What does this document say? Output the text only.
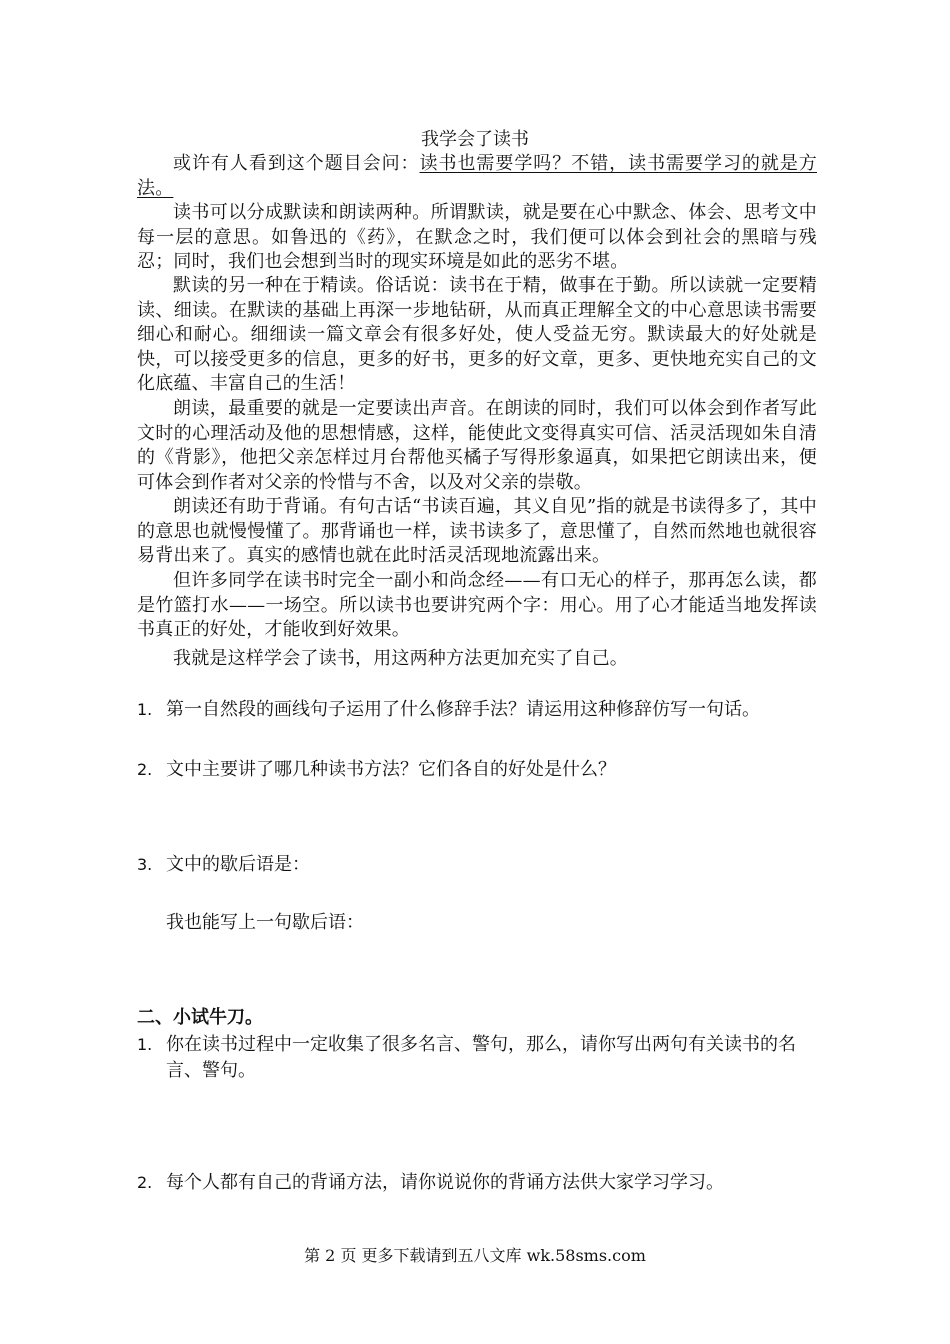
我学会了读书

或许有人看到这个题目会问：读书也需要学吗？不错，读书需要学习的就是方法。

读书可以分成默读和朗读两种。所谓默读，就是要在心中默念、体会、思考文中每一层的意思。如鲁迅的《药》，在默念之时，我们便可以体会到社会的黑暗与残忍；同时，我们也会想到当时的现实环境是如此的恶劣不堪。

默读的另一种在于精读。俗话说：读书在于精，做事在于勤。所以读就一定要精读、细读。在默读的基础上再深一步地钻研，从而真正理解全文的中心意思读书需要细心和耐心。细细读一篇文章会有很多好处，使人受益无穷。默读最大的好处就是快，可以接受更多的信息，更多的好书，更多的好文章，更多、更快地充实自己的文化底蕴、丰富自己的生活！

朗读，最重要的就是一定要读出声音。在朗读的同时，我们可以体会到作者写此文时的心理活动及他的思想情感，这样，能使此文变得真实可信、活灵活现如朱自清的《背影》，他把父亲怎样过月台帮他买橘子写得形象逼真，如果把它朗读出来，便可体会到作者对父亲的怜惜与不舍，以及对父亲的崇敬。

朗读还有助于背诵。有句古话“书读百遍，其义自见”指的就是书读得多了，其中的意思也就慢慢懂了。那背诵也一样，读书读多了，意思懂了，自然而然地也就很容易背出来了。真实的感情也就在此时活灵活现地流露出来。

但许多同学在读书时完全一副小和尚念经——有口无心的样子，那再怎么读，都是竹篮打水——一场空。所以读书也要讲究两个字：用心。用了心才能适当地发挥读书真正的好处，才能收到好效果。

我就是这样学会了读书，用这两种方法更加充实了自己。

1. 第一自然段的画线句子运用了什么修辞手法？请运用这种修辞仿写一句话。
2. 文中主要讲了哪几种读书方法？它们各自的好处是什么？
3. 文中的歇后语是：

我也能写上一句歇后语：

二、小试牛刀。

1. 你在读书过程中一定收集了很多名言、警句，那么，请你写出两句有关读书的名言、警句。
2. 每个人都有自己的背诵方法，请你说说你的背诵方法供大家学习学习。
第 2 页 更多下载请到五八文库 wk.58sms.com
